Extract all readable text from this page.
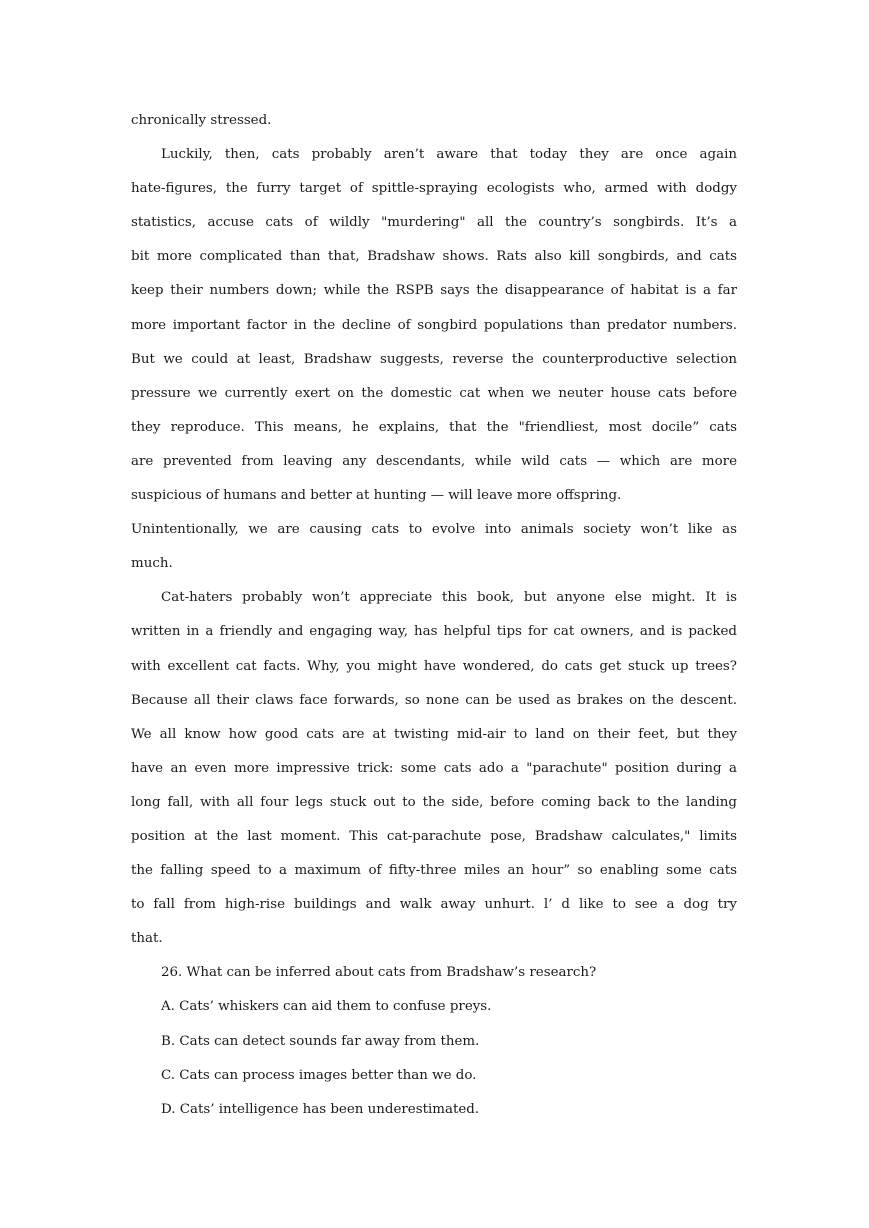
chronically stressed.
Luckily, then, cats probably aren’t aware that today they are once again
hate-figures, the furry target of spittle-spraying ecologists who, armed with dodgy
statistics, accuse cats of wildly "murdering" all the country’s songbirds. It’s a
bit more complicated than that, Bradshaw shows. Rats also kill songbirds, and cats
keep their numbers down; while the RSPB says the disappearance of habitat is a far
more important factor in the decline of songbird populations than predator numbers.
But we could at least, Bradshaw suggests, reverse the counterproductive selection
pressure we currently exert on the domestic cat when we neuter house cats before
they reproduce. This means, he explains, that the "friendliest, most docile” cats
are prevented from leaving any descendants, while wild cats — which are more
suspicious of humans and better at hunting — will leave more offspring.
Unintentionally, we are causing cats to evolve into animals society won’t like as
much.
Cat-haters probably won’t appreciate this book, but anyone else might. It is
written in a friendly and engaging way, has helpful tips for cat owners, and is packed
with excellent cat facts. Why, you might have wondered, do cats get stuck up trees?
Because all their claws face forwards, so none can be used as brakes on the descent.
We all know how good cats are at twisting mid-air to land on their feet, but they
have an even more impressive trick: some cats ado a "parachute" position during a
long fall, with all four legs stuck out to the side, before coming back to the landing
position at the last moment. This cat-parachute pose, Bradshaw calculates," limits
the falling speed to a maximum of fifty-three miles an hour” so enabling some cats
to fall from high-rise buildings and walk away unhurt. l’ d like to see a dog try
that.
26. What can be inferred about cats from Bradshaw’s research?
A. Cats’ whiskers can aid them to confuse preys.
B. Cats can detect sounds far away from them.
C. Cats can process images better than we do.
D. Cats’ intelligence has been underestimated.
